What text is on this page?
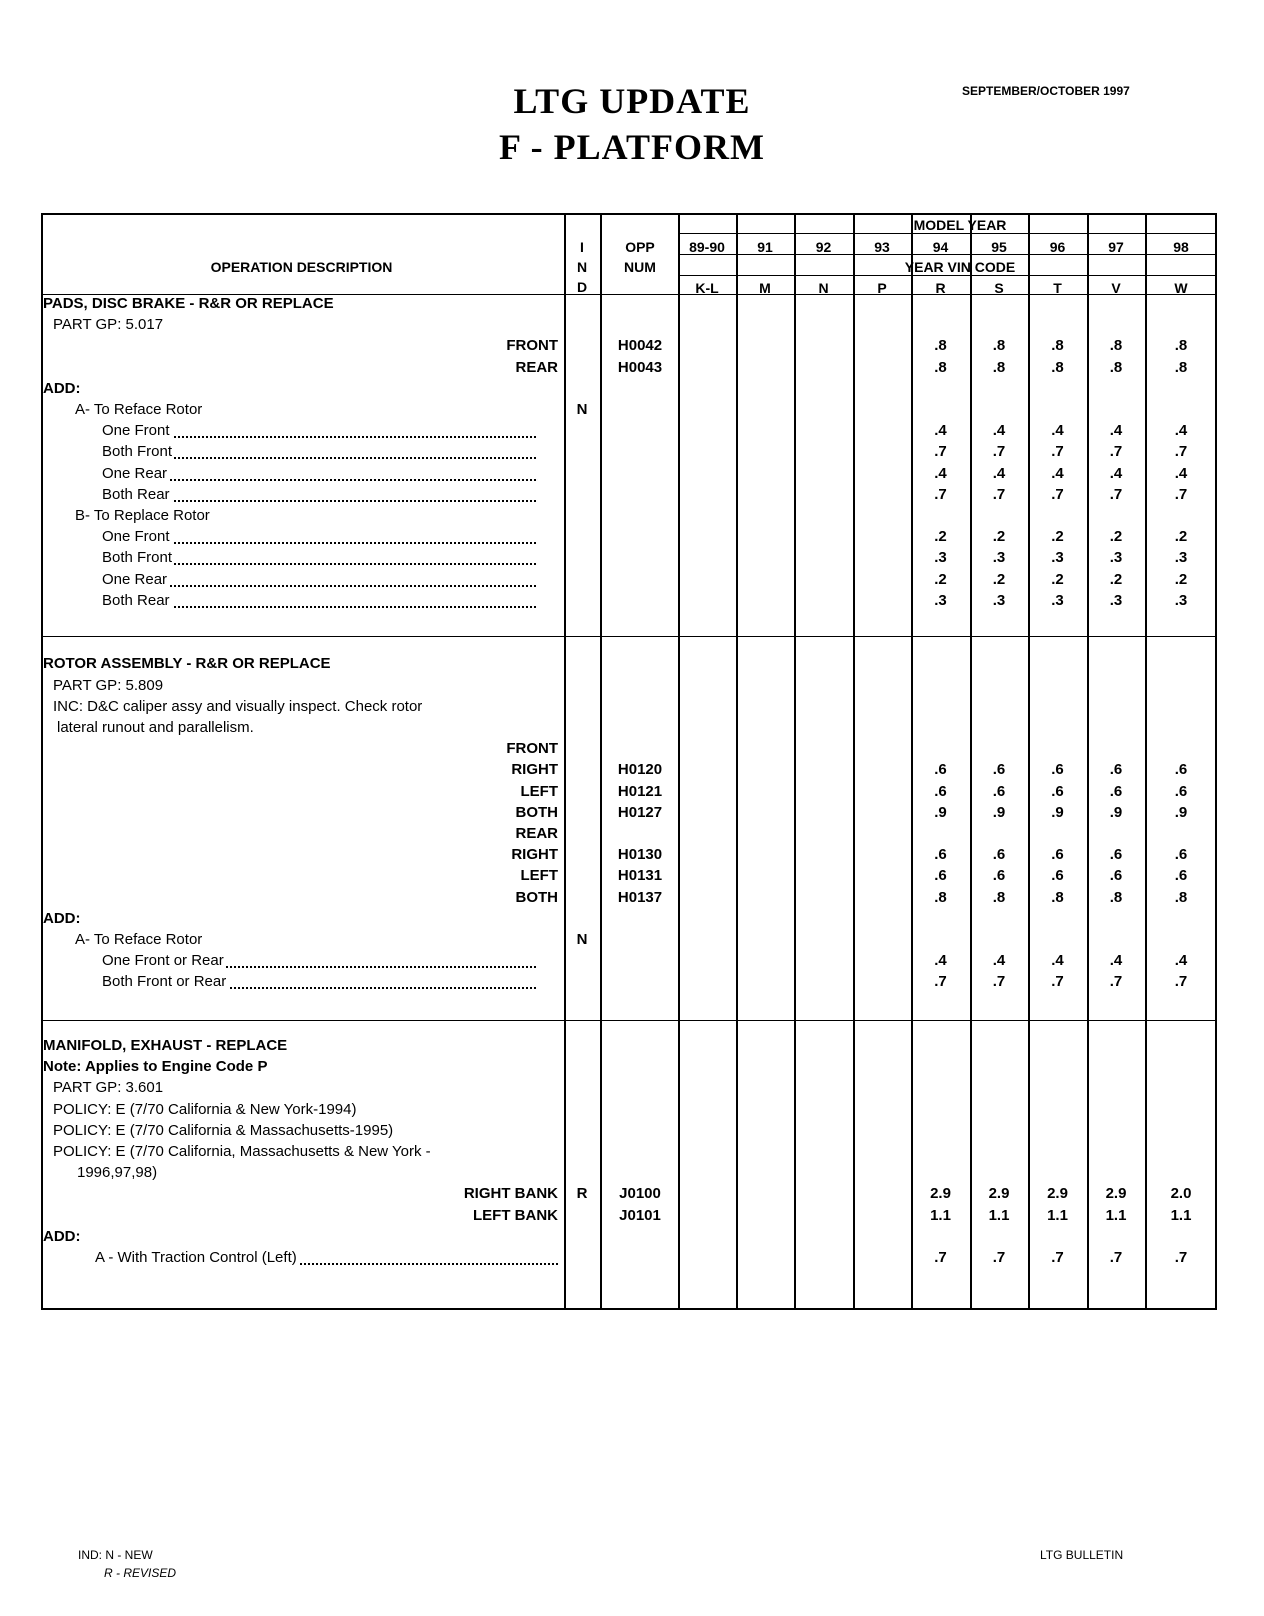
LTG UPDATE
F - PLATFORM
SEPTEMBER/OCTOBER 1997
OPERATION DESCRIPTION
I
N
D
OPP
NUM
MODEL YEAR
YEAR VIN CODE
89-90	91	92	93	94	95	96	97	98
K-L	M	N	P	R	S	T	V	W
PADS, DISC BRAKE - R&R OR REPLACE
PART GP: 5.017
FRONT	H0042	.8	.8	.8	.8	.8
REAR	H0043	.8	.8	.8	.8	.8
ADD:
A- To Reface Rotor	N
One Front	.4	.4	.4	.4	.4
Both Front	.7	.7	.7	.7	.7
One Rear	.4	.4	.4	.4	.4
Both Rear	.7	.7	.7	.7	.7
B- To Replace Rotor
One Front	.2	.2	.2	.2	.2
Both Front	.3	.3	.3	.3	.3
One Rear	.2	.2	.2	.2	.2
Both Rear	.3	.3	.3	.3	.3
ROTOR ASSEMBLY - R&R OR REPLACE
PART GP: 5.809
INC: D&C caliper assy and visually inspect. Check rotor
lateral runout and parallelism.
FRONT
RIGHT	H0120	.6	.6	.6	.6	.6
LEFT	H0121	.6	.6	.6	.6	.6
BOTH	H0127	.9	.9	.9	.9	.9
REAR
RIGHT	H0130	.6	.6	.6	.6	.6
LEFT	H0131	.6	.6	.6	.6	.6
BOTH	H0137	.8	.8	.8	.8	.8
ADD:
A- To Reface Rotor	N
One Front or Rear	.4	.4	.4	.4	.4
Both Front or Rear	.7	.7	.7	.7	.7
MANIFOLD, EXHAUST - REPLACE
Note: Applies to Engine Code P
PART GP: 3.601
POLICY: E (7/70 California & New York-1994)
POLICY: E (7/70 California & Massachusetts-1995)
POLICY: E (7/70 California, Massachusetts & New York -
1996,97,98)
RIGHT BANK	R	J0100	2.9	2.9	2.9	2.9	2.0
LEFT BANK	J0101	1.1	1.1	1.1	1.1	1.1
ADD:
A - With Traction Control (Left)	.7	.7	.7	.7	.7
IND: N - NEW
R - REVISED
LTG BULLETIN
